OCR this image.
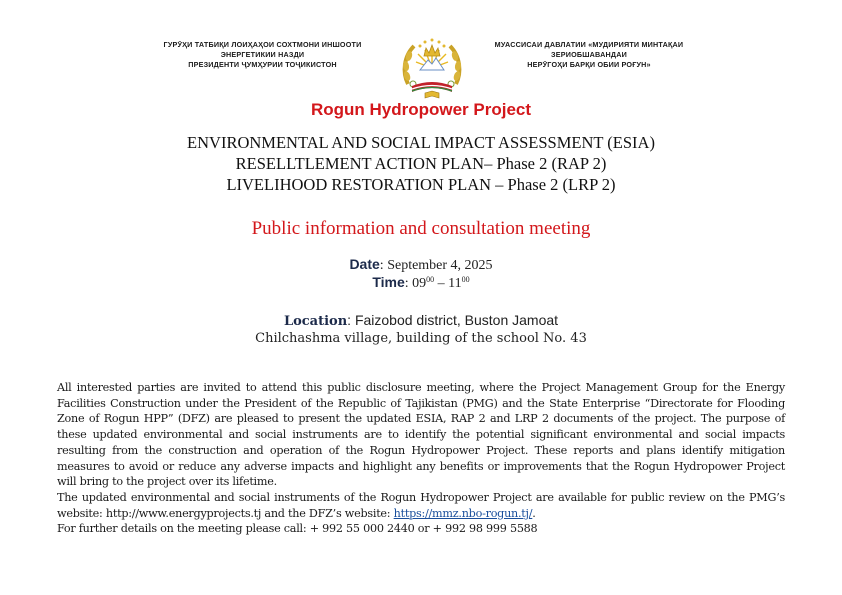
ГУРӮҲИ ТАТБИҚИ ЛОИҲАҲОИ СОХТМОНИ ИНШООТИ
ЭНЕРГЕТИКИИ НАЗДИ
ПРЕЗИДЕНТИ ҶУМҲУРИИ ТОҶИКИСТОН
МУАССИСАИ ДАВЛАТИИ «МУДИРИЯТИ МИНТАҚАИ
ЗЕРИОБШАВАНДАИ
НЕРӮГОҲИ БАРҚИ ОБИИ РОҒУН»
Rogun Hydropower Project
ENVIRONMENTAL AND SOCIAL IMPACT ASSESSMENT (ESIA)
RESELLTLEMENT ACTION PLAN– Phase 2 (RAP 2)
LIVELIHOOD RESTORATION PLAN – Phase 2 (LRP 2)
Public information and consultation meeting
Date: September 4, 2025
Time: $09^{00} - 11^{00}$
Location: Faizobod district, Buston Jamoat
Chilchashma village, building of the school No. 43

All interested parties are invited to attend this public disclosure meeting, where the Project Management Group for the Energy Facilities Construction under the President of the Republic of Tajikistan (PMG) and the State Enterprise “Directorate for Flooding Zone of Rogun HPP” (DFZ) are pleased to present the updated ESIA, RAP 2 and LRP 2 documents of the project. The purpose of these updated environmental and social instruments are to identify the potential significant environmental and social impacts resulting from the construction and operation of the Rogun Hydropower Project. These reports and plans identify mitigation measures to avoid or reduce any adverse impacts and highlight any benefits or improvements that the Rogun Hydropower Project will bring to the project over its lifetime.

The updated environmental and social instruments of the Rogun Hydropower Project are available for public review on the PMG’s website: http://www.energyprojects.tj and the DFZ’s website: https://mmz.nbo-rogun.tj/.

For further details on the meeting please call: + 992 55 000 2440 or + 992 98 999 5588
